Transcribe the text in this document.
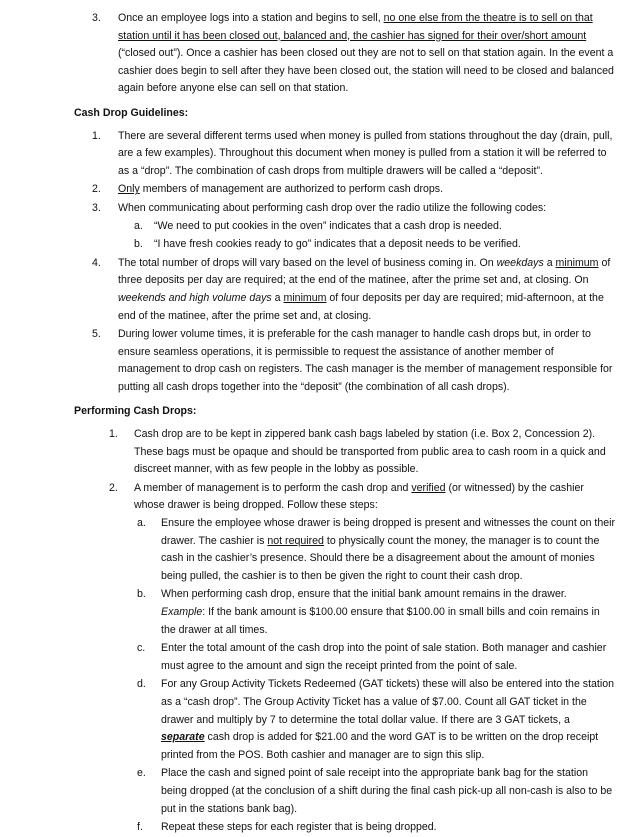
3. Once an employee logs into a station and begins to sell, no one else from the theatre is to sell on that station until it has been closed out, balanced and, the cashier has signed for their over/short amount (“closed out”). Once a cashier has been closed out they are not to sell on that station again. In the event a cashier does begin to sell after they have been closed out, the station will need to be closed and balanced again before anyone else can sell on that station.
Cash Drop Guidelines:
1. There are several different terms used when money is pulled from stations throughout the day (drain, pull, are a few examples). Throughout this document when money is pulled from a station it will be referred to as a “drop”. The combination of cash drops from multiple drawers will be called a “deposit”.
2. Only members of management are authorized to perform cash drops.
3. When communicating about performing cash drop over the radio utilize the following codes:
a. “We need to put cookies in the oven” indicates that a cash drop is needed.
b. “I have fresh cookies ready to go” indicates that a deposit needs to be verified.
4. The total number of drops will vary based on the level of business coming in. On weekdays a minimum of three deposits per day are required; at the end of the matinee, after the prime set and, at closing. On weekends and high volume days a minimum of four deposits per day are required; mid-afternoon, at the end of the matinee, after the prime set and, at closing.
5. During lower volume times, it is preferable for the cash manager to handle cash drops but, in order to ensure seamless operations, it is permissible to request the assistance of another member of management to drop cash on registers. The cash manager is the member of management responsible for putting all cash drops together into the “deposit” (the combination of all cash drops).
Performing Cash Drops:
1. Cash drop are to be kept in zippered bank cash bags labeled by station (i.e. Box 2, Concession 2). These bags must be opaque and should be transported from public area to cash room in a quick and discreet manner, with as few people in the lobby as possible.
2. A member of management is to perform the cash drop and verified (or witnessed) by the cashier whose drawer is being dropped. Follow these steps:
a. Ensure the employee whose drawer is being dropped is present and witnesses the count on their drawer. The cashier is not required to physically count the money, the manager is to count the cash in the cashier’s presence. Should there be a disagreement about the amount of monies being pulled, the cashier is to then be given the right to count their cash drop.
b. When performing cash drop, ensure that the initial bank amount remains in the drawer.
Example: If the bank amount is $100.00 ensure that $100.00 in small bills and coin remains in the drawer at all times.
c. Enter the total amount of the cash drop into the point of sale station. Both manager and cashier must agree to the amount and sign the receipt printed from the point of sale.
d. For any Group Activity Tickets Redeemed (GAT tickets) these will also be entered into the station as a “cash drop”. The Group Activity Ticket has a value of $7.00. Count all GAT ticket in the drawer and multiply by 7 to determine the total dollar value. If there are 3 GAT tickets, a separate cash drop is added for $21.00 and the word GAT is to be written on the drop receipt printed from the POS. Both cashier and manager are to sign this slip.
e. Place the cash and signed point of sale receipt into the appropriate bank bag for the station being dropped (at the conclusion of a shift during the final cash pick-up all non-cash is also to be put in the stations bank bag).
f. Repeat these steps for each register that is being dropped.
